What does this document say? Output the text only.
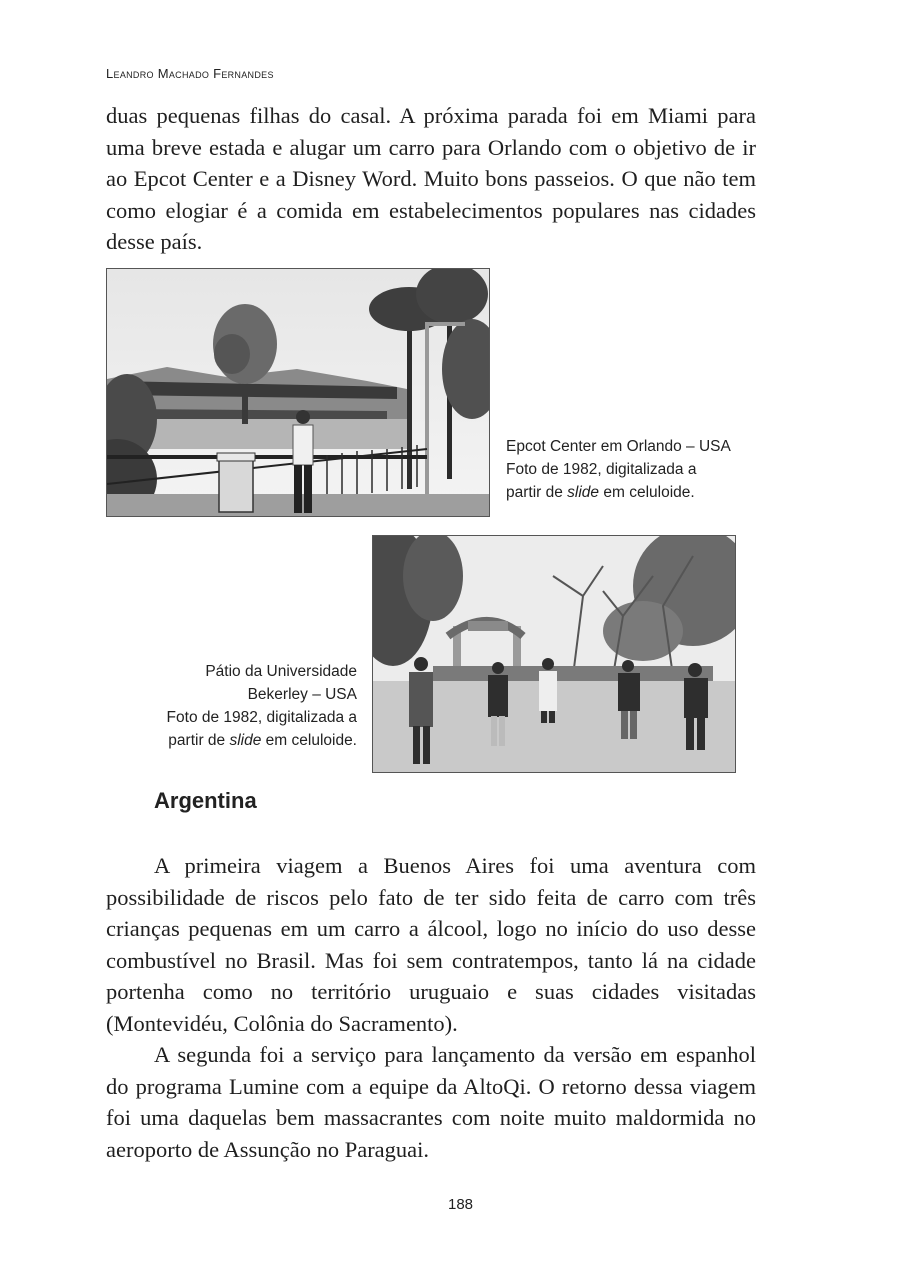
Leandro Machado Fernandes

duas pequenas filhas do casal. A próxima parada foi em Miami para uma breve estada e alugar um carro para Orlando com o objetivo de ir ao Epcot Center e a Disney Word. Muito bons passeios. O que não tem como elogiar é a comida em estabelecimentos populares nas cidades desse país.

Epcot Center em Orlando – USA
Foto de 1982, digitalizada a
partir de slide em celuloide.
Pátio da Universidade
Bekerley – USA
Foto de 1982, digitalizada a
partir de slide em celuloide.
Argentina

A primeira viagem a Buenos Aires foi uma aventura com possibilidade de riscos pelo fato de ter sido feita de carro com três crianças pequenas em um carro a álcool, logo no início do uso desse combustível no Brasil. Mas foi sem contratempos, tanto lá na cidade portenha como no território uruguaio e suas cidades visitadas (Montevidéu, Colônia do Sacramento).

A segunda foi a serviço para lançamento da versão em espanhol do programa Lumine com a equipe da AltoQi. O retorno dessa viagem foi uma daquelas bem massacrantes com noite muito maldormida no aeroporto de Assunção no Paraguai.

188
